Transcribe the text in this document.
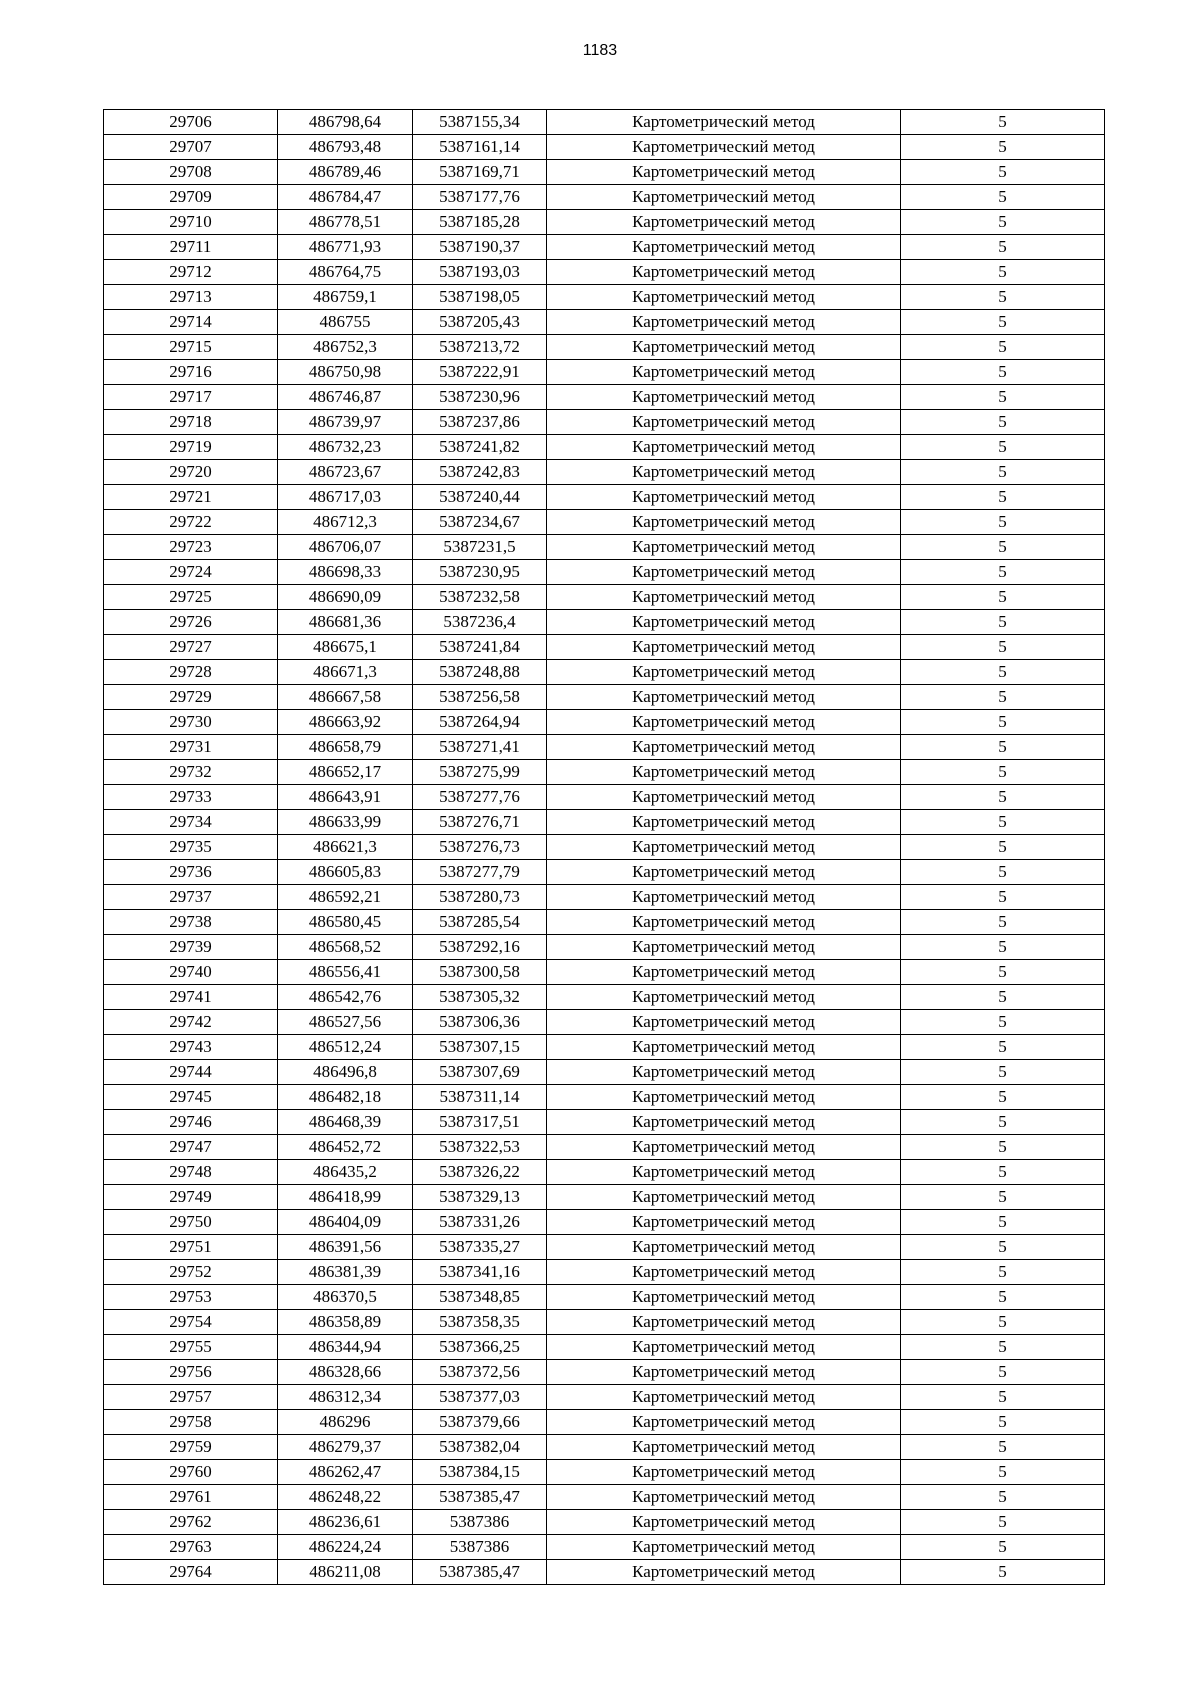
1183
29706	486798,64	5387155,34	Картометрический метод	5
29707	486793,48	5387161,14	Картометрический метод	5
29708	486789,46	5387169,71	Картометрический метод	5
29709	486784,47	5387177,76	Картометрический метод	5
29710	486778,51	5387185,28	Картометрический метод	5
29711	486771,93	5387190,37	Картометрический метод	5
29712	486764,75	5387193,03	Картометрический метод	5
29713	486759,1	5387198,05	Картометрический метод	5
29714	486755	5387205,43	Картометрический метод	5
29715	486752,3	5387213,72	Картометрический метод	5
29716	486750,98	5387222,91	Картометрический метод	5
29717	486746,87	5387230,96	Картометрический метод	5
29718	486739,97	5387237,86	Картометрический метод	5
29719	486732,23	5387241,82	Картометрический метод	5
29720	486723,67	5387242,83	Картометрический метод	5
29721	486717,03	5387240,44	Картометрический метод	5
29722	486712,3	5387234,67	Картометрический метод	5
29723	486706,07	5387231,5	Картометрический метод	5
29724	486698,33	5387230,95	Картометрический метод	5
29725	486690,09	5387232,58	Картометрический метод	5
29726	486681,36	5387236,4	Картометрический метод	5
29727	486675,1	5387241,84	Картометрический метод	5
29728	486671,3	5387248,88	Картометрический метод	5
29729	486667,58	5387256,58	Картометрический метод	5
29730	486663,92	5387264,94	Картометрический метод	5
29731	486658,79	5387271,41	Картометрический метод	5
29732	486652,17	5387275,99	Картометрический метод	5
29733	486643,91	5387277,76	Картометрический метод	5
29734	486633,99	5387276,71	Картометрический метод	5
29735	486621,3	5387276,73	Картометрический метод	5
29736	486605,83	5387277,79	Картометрический метод	5
29737	486592,21	5387280,73	Картометрический метод	5
29738	486580,45	5387285,54	Картометрический метод	5
29739	486568,52	5387292,16	Картометрический метод	5
29740	486556,41	5387300,58	Картометрический метод	5
29741	486542,76	5387305,32	Картометрический метод	5
29742	486527,56	5387306,36	Картометрический метод	5
29743	486512,24	5387307,15	Картометрический метод	5
29744	486496,8	5387307,69	Картометрический метод	5
29745	486482,18	5387311,14	Картометрический метод	5
29746	486468,39	5387317,51	Картометрический метод	5
29747	486452,72	5387322,53	Картометрический метод	5
29748	486435,2	5387326,22	Картометрический метод	5
29749	486418,99	5387329,13	Картометрический метод	5
29750	486404,09	5387331,26	Картометрический метод	5
29751	486391,56	5387335,27	Картометрический метод	5
29752	486381,39	5387341,16	Картометрический метод	5
29753	486370,5	5387348,85	Картометрический метод	5
29754	486358,89	5387358,35	Картометрический метод	5
29755	486344,94	5387366,25	Картометрический метод	5
29756	486328,66	5387372,56	Картометрический метод	5
29757	486312,34	5387377,03	Картометрический метод	5
29758	486296	5387379,66	Картометрический метод	5
29759	486279,37	5387382,04	Картометрический метод	5
29760	486262,47	5387384,15	Картометрический метод	5
29761	486248,22	5387385,47	Картометрический метод	5
29762	486236,61	5387386	Картометрический метод	5
29763	486224,24	5387386	Картометрический метод	5
29764	486211,08	5387385,47	Картометрический метод	5
